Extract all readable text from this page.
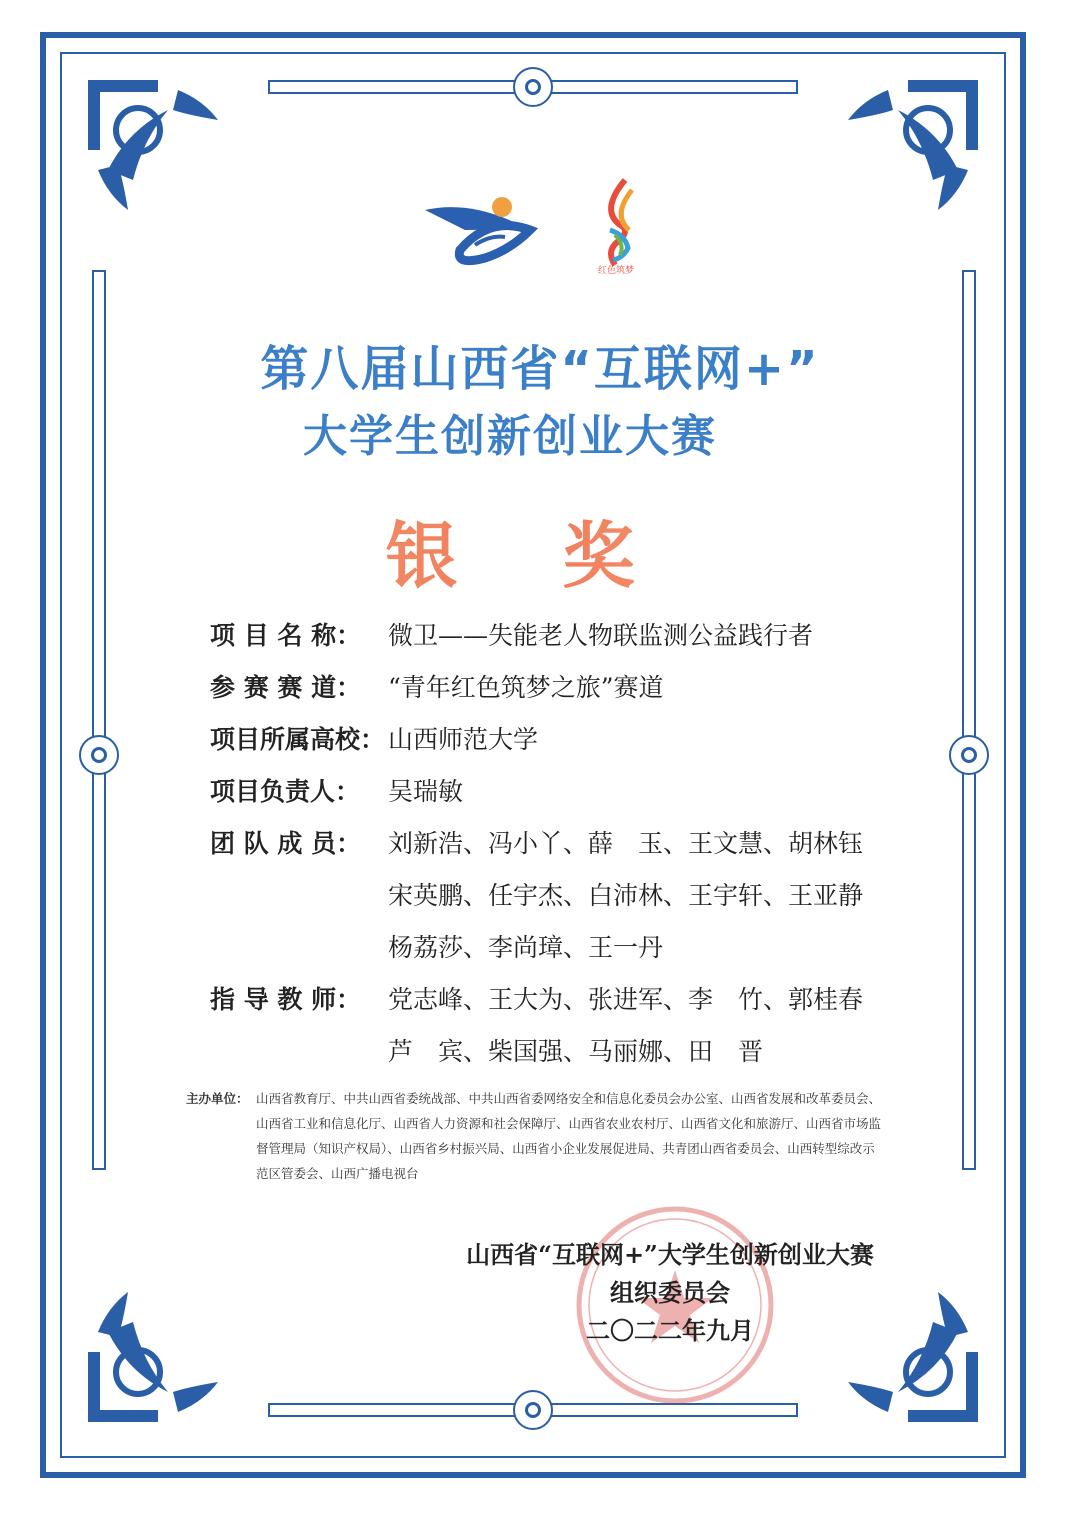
红色筑梦
第八届山西省“互联网+”
大学生创新创业大赛
银 奖
项 目 名 称：	微卫——失能老人物联监测公益践行者
参 赛 赛 道：	“青年红色筑梦之旅”赛道
项目所属高校： 山西师范大学
项目负责人：	吴瑞敏
团 队 成 员：	刘新浩、冯小丫、薛　玉、王文慧、胡林钰
宋英鹏、任宇杰、白沛林、王宇轩、王亚静
杨荔莎、李尚璋、王一丹
指 导 教 师：	党志峰、王大为、张进军、李　竹、郭桂春
芦　宾、柴国强、马丽娜、田　晋
主办单位： 山西省教育厅、中共山西省委统战部、中共山西省委网络安全和信息化委员会办公室、山西省发展和改革委员会、山西省工业和信息化厅、山西省人力资源和社会保障厅、山西省农业农村厅、山西省文化和旅游厅、山西省市场监督管理局（知识产权局）、山西省乡村振兴局、山西省小企业发展促进局、共青团山西省委员会、山西转型综改示范区管委会、山西广播电视台
山西省“互联网+”大学生创新创业大赛
组织委员会
二〇二二年九月
